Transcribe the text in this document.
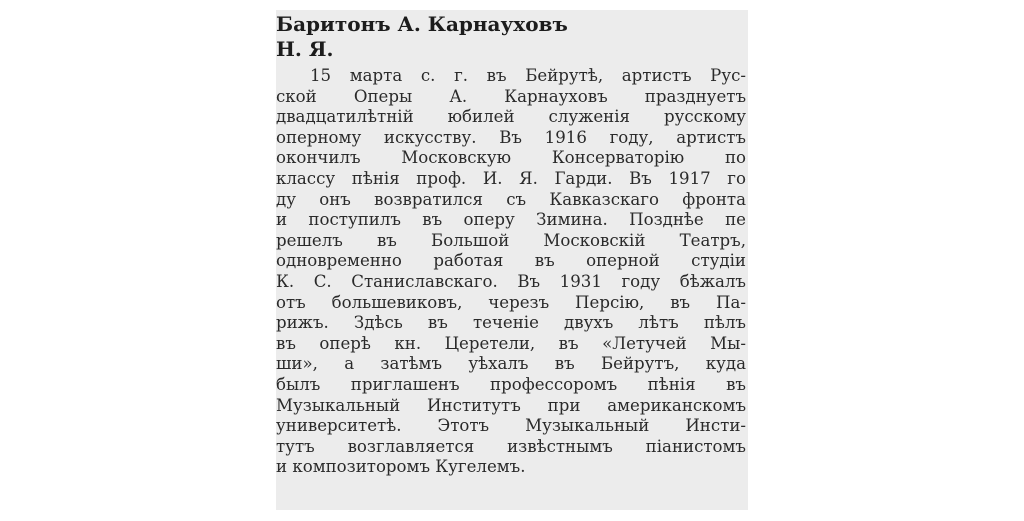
Баритонъ А. Карнауховъ
Н. Я.
15 марта с. г. въ Бейрутѣ, артистъ Рус-
ской Оперы А. Карнауховъ празднуетъ
двадцатилѣтнiй юбилей служенiя русскому
оперному искусству. Въ 1916 году, артистъ
окончилъ Московскую Консерваторiю по
классу пѣнiя проф. И. Я. Гарди. Въ 1917 го
ду онъ возвратился съ Кавказскаго фронта
и поступилъ въ оперу Зимина. Позднѣе пе
решелъ въ Большой Московскiй Театръ,
одновременно работая въ оперной студiи
К. С. Станиславскаго. Въ 1931 году бѣжалъ
отъ большевиковъ, черезъ Персiю, въ Па-
рижъ. Здѣсь въ теченiе двухъ лѣтъ пѣлъ
въ оперѣ кн. Церетели, въ «Летучей Мы-
ши», а затѣмъ уѣхалъ въ Бейрутъ, куда
былъ приглашенъ профессоромъ пѣнiя въ
Музыкальный Институтъ при американскомъ
университетѣ. Этотъ Музыкальный Инсти-
тутъ возглавляется извѣстнымъ пiанистомъ
и композиторомъ Кугелемъ.
